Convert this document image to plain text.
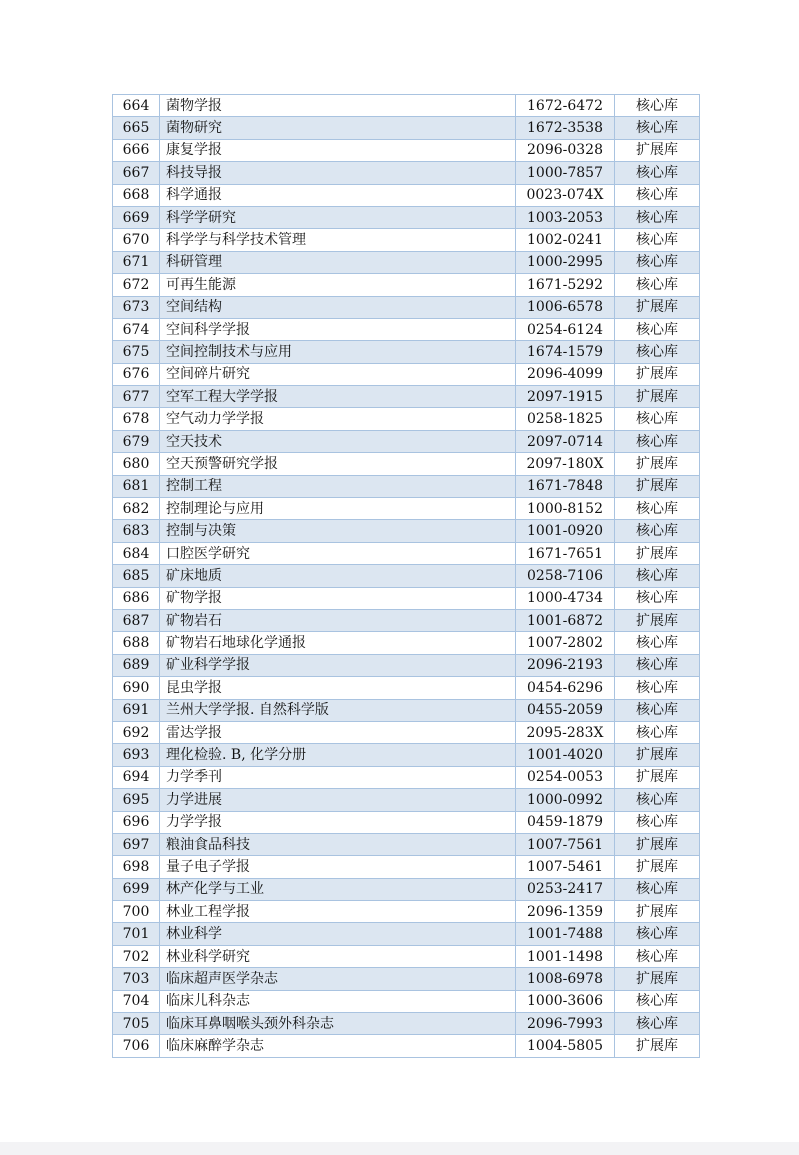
664	菌物学报	1672-6472	核心库
665	菌物研究	1672-3538	核心库
666	康复学报	2096-0328	扩展库
667	科技导报	1000-7857	核心库
668	科学通报	0023-074X	核心库
669	科学学研究	1003-2053	核心库
670	科学学与科学技术管理	1002-0241	核心库
671	科研管理	1000-2995	核心库
672	可再生能源	1671-5292	核心库
673	空间结构	1006-6578	扩展库
674	空间科学学报	0254-6124	核心库
675	空间控制技术与应用	1674-1579	核心库
676	空间碎片研究	2096-4099	扩展库
677	空军工程大学学报	2097-1915	扩展库
678	空气动力学学报	0258-1825	核心库
679	空天技术	2097-0714	核心库
680	空天预警研究学报	2097-180X	扩展库
681	控制工程	1671-7848	扩展库
682	控制理论与应用	1000-8152	核心库
683	控制与决策	1001-0920	核心库
684	口腔医学研究	1671-7651	扩展库
685	矿床地质	0258-7106	核心库
686	矿物学报	1000-4734	核心库
687	矿物岩石	1001-6872	扩展库
688	矿物岩石地球化学通报	1007-2802	核心库
689	矿业科学学报	2096-2193	核心库
690	昆虫学报	0454-6296	核心库
691	兰州大学学报. 自然科学版	0455-2059	核心库
692	雷达学报	2095-283X	核心库
693	理化检验. B, 化学分册	1001-4020	扩展库
694	力学季刊	0254-0053	扩展库
695	力学进展	1000-0992	核心库
696	力学学报	0459-1879	核心库
697	粮油食品科技	1007-7561	扩展库
698	量子电子学报	1007-5461	扩展库
699	林产化学与工业	0253-2417	核心库
700	林业工程学报	2096-1359	扩展库
701	林业科学	1001-7488	核心库
702	林业科学研究	1001-1498	核心库
703	临床超声医学杂志	1008-6978	扩展库
704	临床儿科杂志	1000-3606	核心库
705	临床耳鼻咽喉头颈外科杂志	2096-7993	核心库
706	临床麻醉学杂志	1004-5805	扩展库
